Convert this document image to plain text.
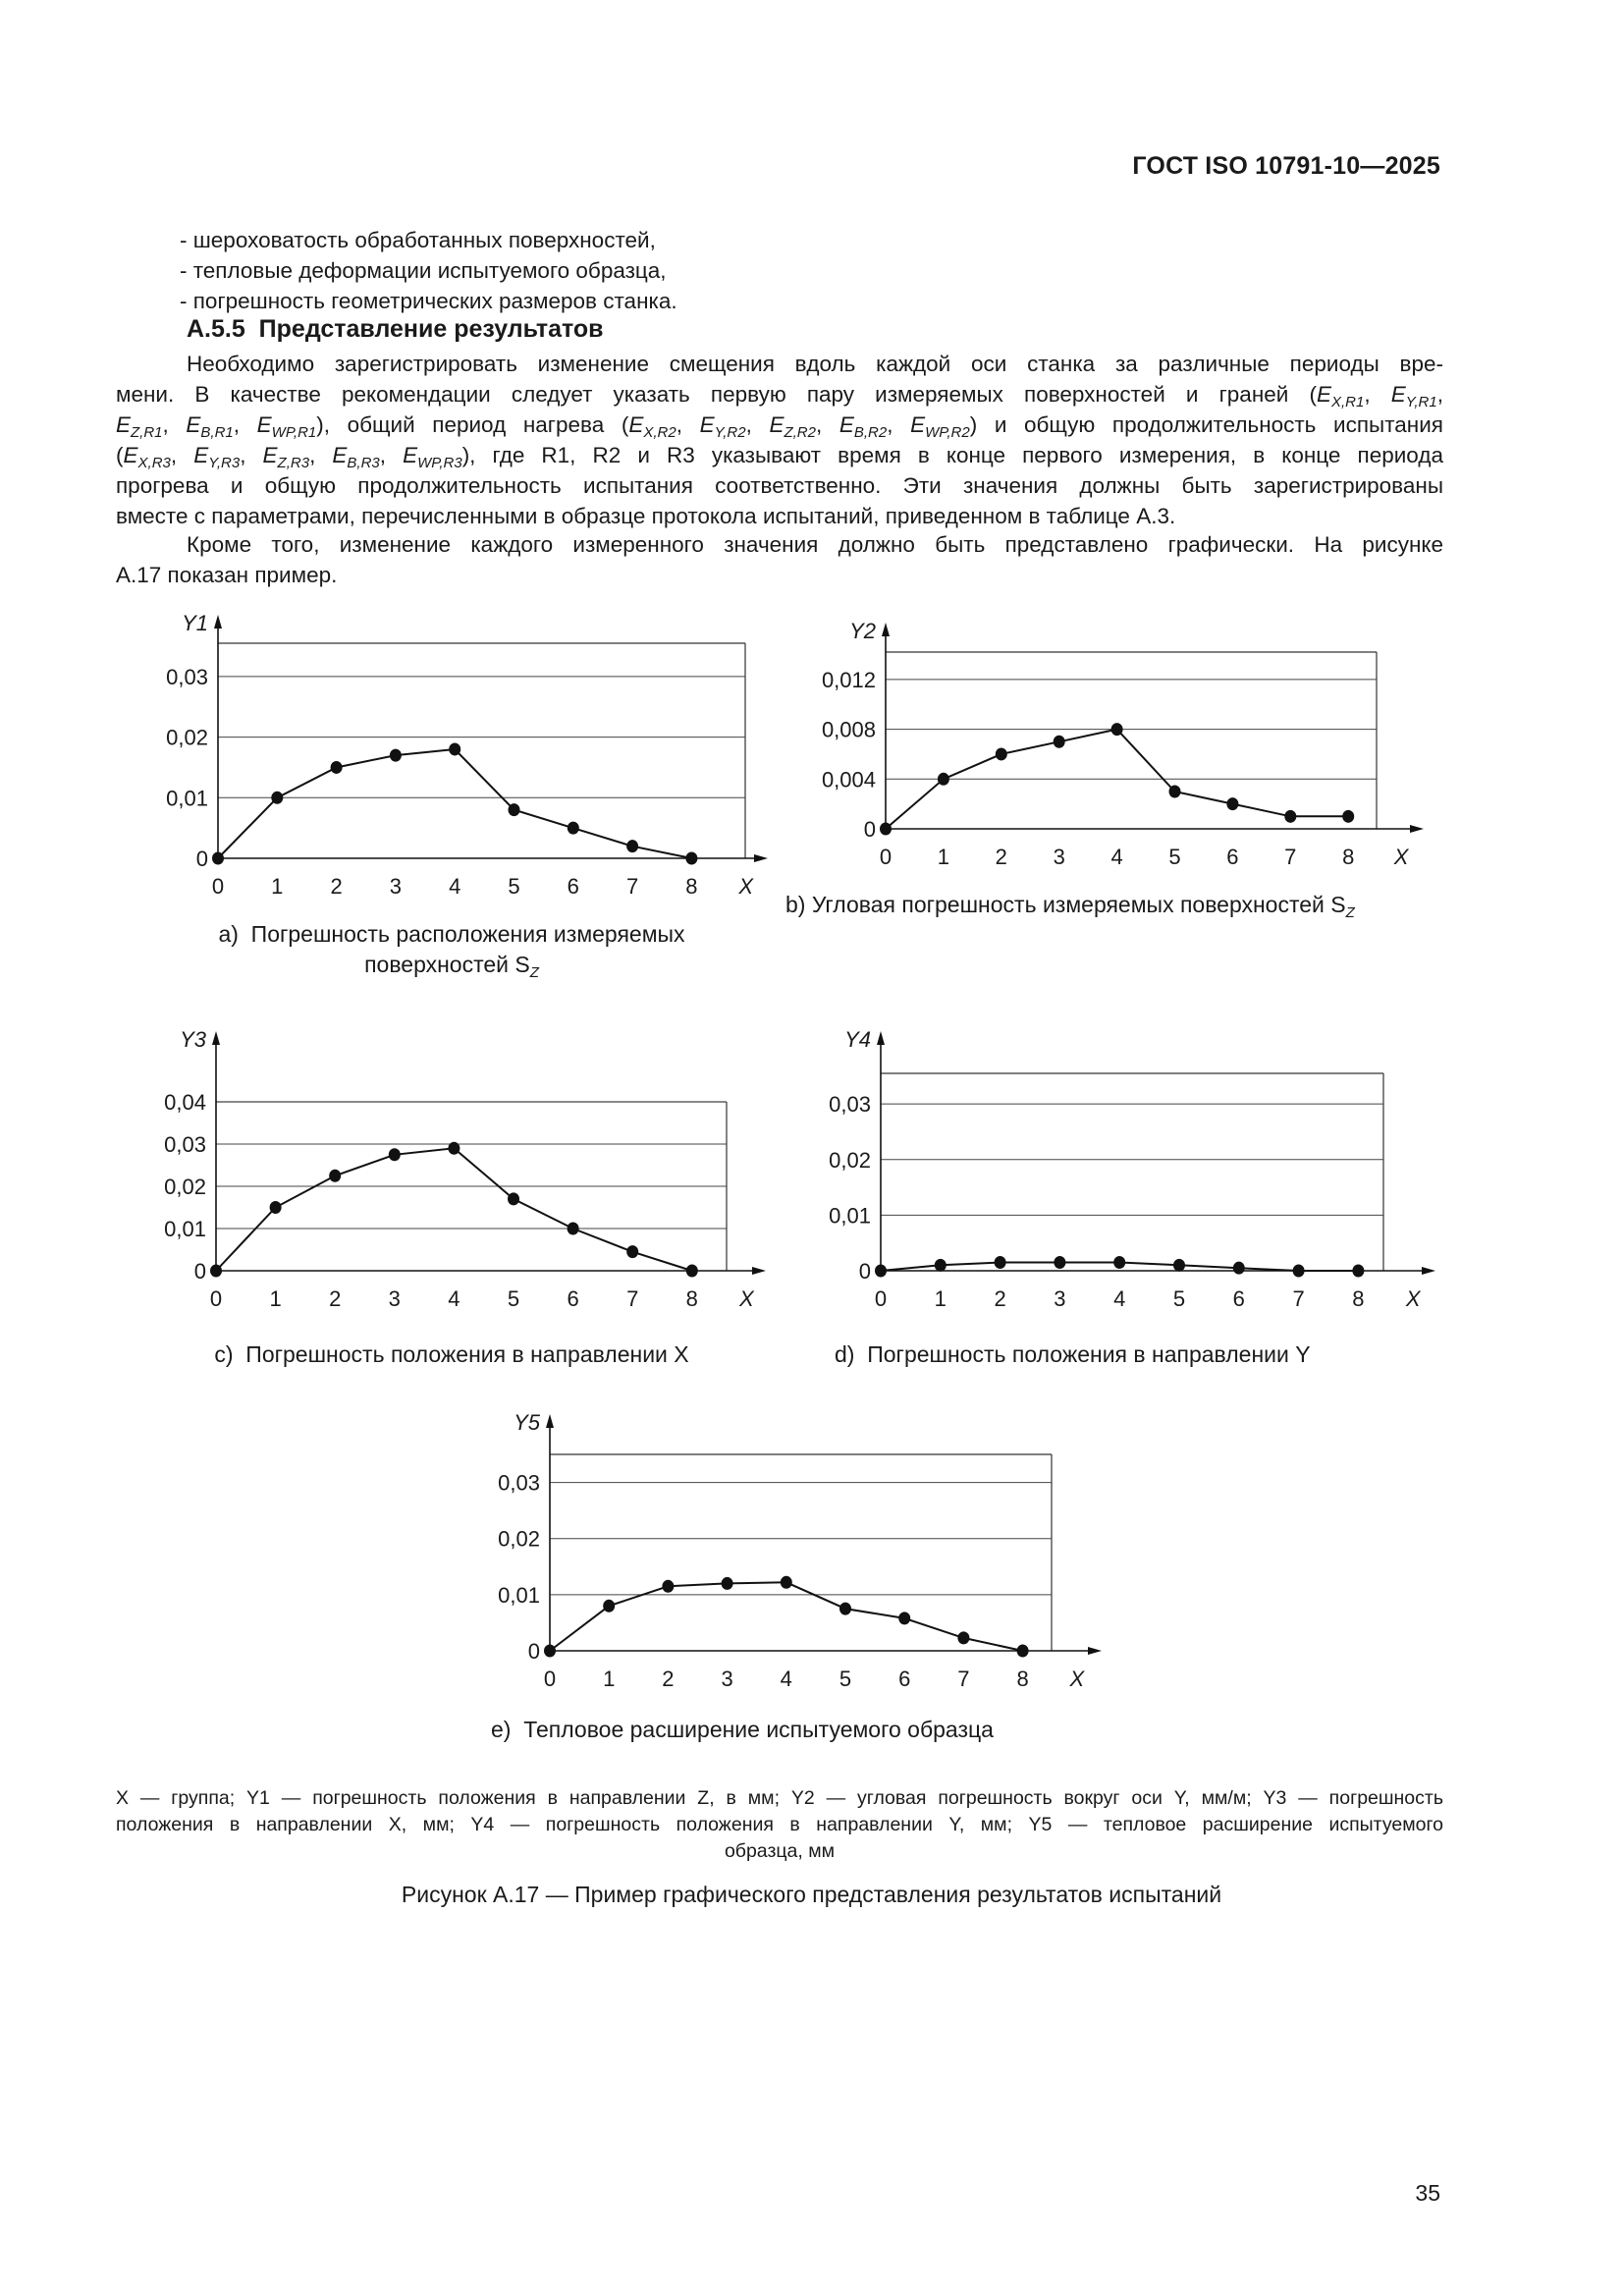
ГОСТ ISO 10791-10—2025
- шероховатость обработанных поверхностей,
- тепловые деформации испытуемого образца,
- погрешность геометрических размеров станка.
A.5.5 Представление результатов
Необходимо зарегистрировать изменение смещения вдоль каждой оси станка за различные периоды вре-
мени. В качестве рекомендации следует указать первую пару измеряемых поверхностей и граней ($E_{X,R1}$, $E_{Y,R1}$,
$E_{Z,R1}$, $E_{B,R1}$, $E_{WP,R1}$), общий период нагрева ($E_{X,R2}$, $E_{Y,R2}$, $E_{Z,R2}$, $E_{B,R2}$, $E_{WP,R2}$) и общую продолжительность испытания
($E_{X,R3}$, $E_{Y,R3}$, $E_{Z,R3}$, $E_{B,R3}$, $E_{WP,R3}$), где R1, R2 и R3 указывают время в конце первого измерения, в конце периода
прогрева и общую продолжительность испытания соответственно. Эти значения должны быть зарегистрированы
вместе с параметрами, перечисленными в образце протокола испытаний, приведенном в таблице A.3.
Кроме того, изменение каждого измеренного значения должно быть представлено графически. На рисунке
А.17 показан пример.
0
0,01
0,02
0,03
Y1
X
0 1 2 3 4 5 6 7 8
а) Погрешность расположения измеряемых
поверхностей $S_Z$
0
0,004
0,008
0,012
Y2
X
0 1 2 3 4 5 6 7 8
b) Угловая погрешность измеряемых поверхностей $S_Z$
0
0,01
0,02
0,03
0,04
Y3
X
0 1 2 3 4 5 6 7 8
c) Погрешность положения в направлении X
0
0,01
0,02
0,03
Y4
X
0 1 2 3 4 5 6 7 8
d) Погрешность положения в направлении Y
0
0,01
0,02
0,03
Y5
X
0 1 2 3 4 5 6 7 8
e) Тепловое расширение испытуемого образца
X — группа; Y1 — погрешность положения в направлении Z, в мм; Y2 — угловая погрешность вокруг оси Y, мм/м; Y3 — погрешность
положения в направлении X, мм; Y4 — погрешность положения в направлении Y, мм; Y5 — тепловое расширение испытуемого
образца, мм
Рисунок А.17 — Пример графического представления результатов испытаний
35
